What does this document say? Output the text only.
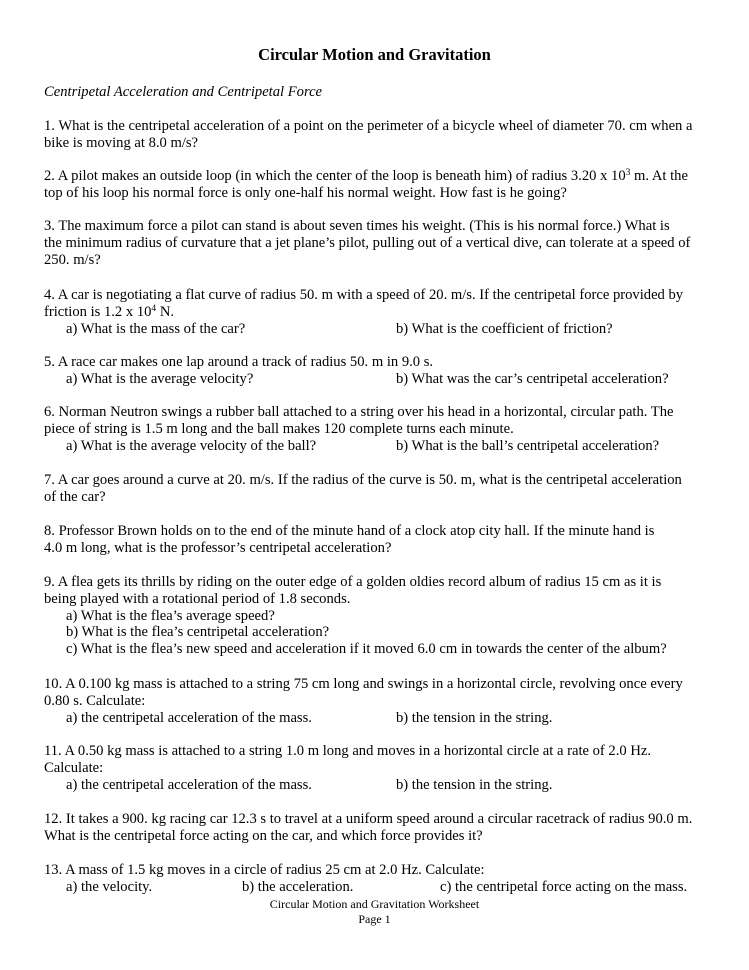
Circular Motion and Gravitation
Centripetal Acceleration and Centripetal Force
1. What is the centripetal acceleration of a point on the perimeter of a bicycle wheel of diameter 70. cm when a
bike is moving at 8.0 m/s?
2. A pilot makes an outside loop (in which the center of the loop is beneath him) of radius 3.20 x $10^3$ m. At the
top of his loop his normal force is only one-half his normal weight. How fast is he going?
3. The maximum force a pilot can stand is about seven times his weight. (This is his normal force.) What is
the minimum radius of curvature that a jet plane’s pilot, pulling out of a vertical dive, can tolerate at a speed of
250. m/s?
4. A car is negotiating a flat curve of radius 50. m with a speed of 20. m/s. If the centripetal force provided by
friction is 1.2 x $10^4$ N.
a) What is the mass of the car?	b) What is the coefficient of friction?
5. A race car makes one lap around a track of radius 50. m in 9.0 s.
a) What is the average velocity?	b) What was the car’s centripetal acceleration?
6. Norman Neutron swings a rubber ball attached to a string over his head in a horizontal, circular path. The
piece of string is 1.5 m long and the ball makes 120 complete turns each minute.
a) What is the average velocity of the ball?	b) What is the ball’s centripetal acceleration?
7. A car goes around a curve at 20. m/s. If the radius of the curve is 50. m, what is the centripetal acceleration
of the car?
8. Professor Brown holds on to the end of the minute hand of a clock atop city hall. If the minute hand is
4.0 m long, what is the professor’s centripetal acceleration?
9. A flea gets its thrills by riding on the outer edge of a golden oldies record album of radius 15 cm as it is
being played with a rotational period of 1.8 seconds.
a) What is the flea’s average speed?
b) What is the flea’s centripetal acceleration?
c) What is the flea’s new speed and acceleration if it moved 6.0 cm in towards the center of the album?
10. A 0.100 kg mass is attached to a string 75 cm long and swings in a horizontal circle, revolving once every
0.80 s. Calculate:
a) the centripetal acceleration of the mass.	b) the tension in the string.
11. A 0.50 kg mass is attached to a string 1.0 m long and moves in a horizontal circle at a rate of 2.0 Hz.
Calculate:
a) the centripetal acceleration of the mass.	b) the tension in the string.
12. It takes a 900. kg racing car 12.3 s to travel at a uniform speed around a circular racetrack of radius 90.0 m.
What is the centripetal force acting on the car, and which force provides it?
13. A mass of 1.5 kg moves in a circle of radius 25 cm at 2.0 Hz. Calculate:
a) the velocity.	b) the acceleration.	c) the centripetal force acting on the mass.
Circular Motion and Gravitation Worksheet
Page 1
